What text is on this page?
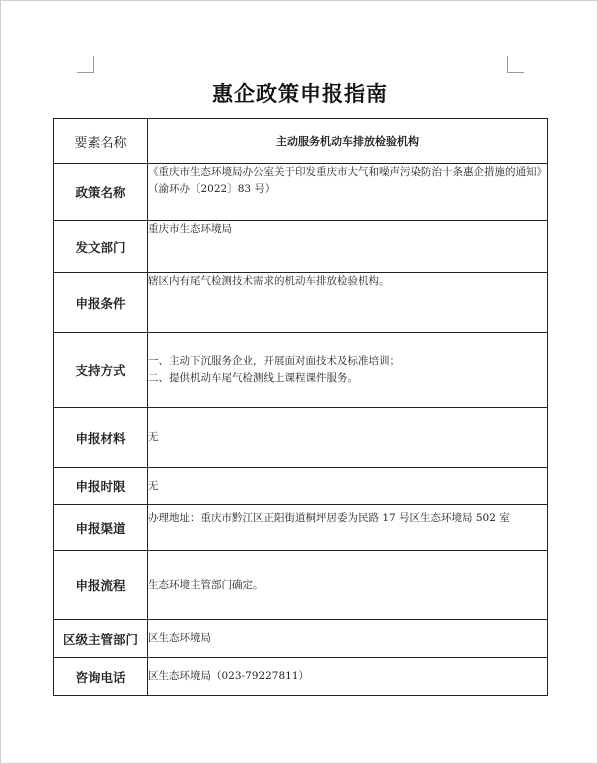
惠企政策申报指南
要素名称	主动服务机动车排放检验机构
政策名称	《重庆市生态环境局办公室关于印发重庆市大气和噪声污染防治十条惠企措施的通知》（渝环办〔2022〕83 号）
发文部门	重庆市生态环境局
申报条件	辖区内有尾气检测技术需求的机动车排放检验机构。
支持方式	一、主动下沉服务企业，开展面对面技术及标准培训；
二、提供机动车尾气检测线上课程课件服务。

申报材料	无
申报时限	无
申报渠道	办理地址：重庆市黔江区正阳街道桐坪居委为民路 17 号区生态环境局 502 室
申报流程	生态环境主管部门确定。
区级主管部门	区生态环境局
咨询电话	区生态环境局（023-79227811）
